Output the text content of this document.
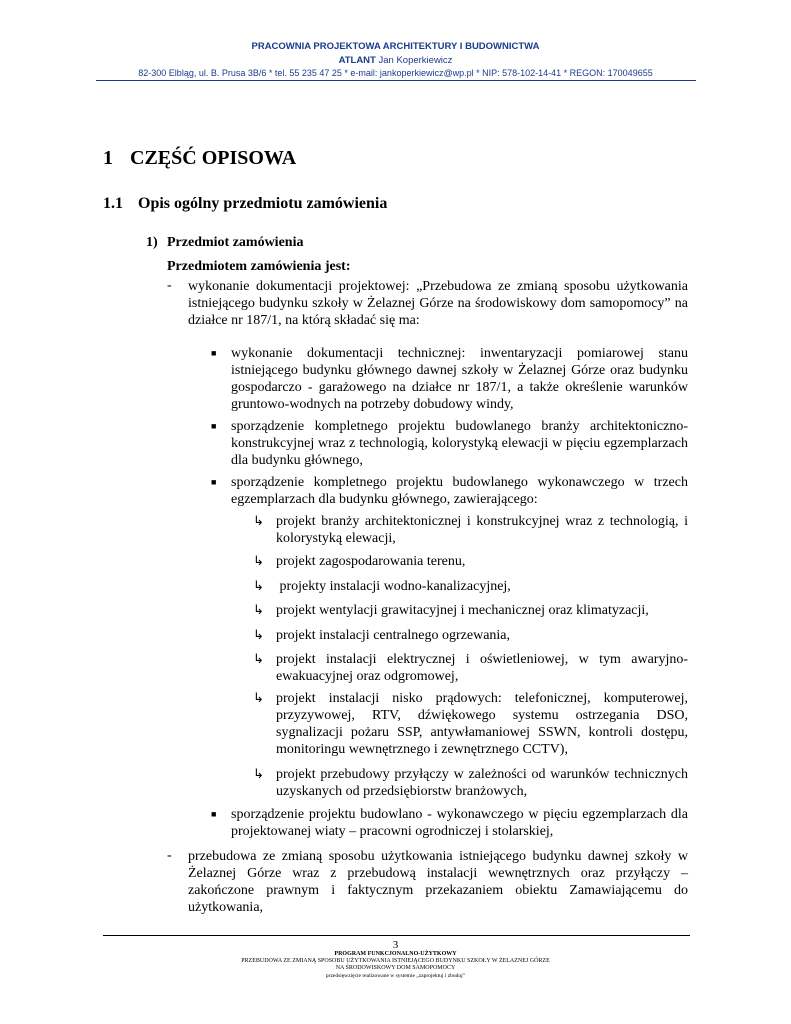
PRACOWNIA PROJEKTOWA ARCHITEKTURY I BUDOWNICTWA
ATLANT Jan Koperkiewicz
82-300 Elbląg, ul. B. Prusa 3B/6 * tel. 55 235 47 25 * e-mail: jankoperkiewicz@wp.pl * NIP: 578-102-14-41 * REGON: 170049655
1 CZĘŚĆ OPISOWA
1.1 Opis ogólny przedmiotu zamówienia
1) Przedmiot zamówienia
Przedmiotem zamówienia jest:
- wykonanie dokumentacji projektowej: „Przebudowa ze zmianą sposobu użytkowania istniejącego budynku szkoły w Żelaznej Górze na środowiskowy dom samopomocy” na działce nr 187/1, na którą składać się ma:
■ wykonanie dokumentacji technicznej: inwentaryzacji pomiarowej stanu istniejącego budynku głównego dawnej szkoły w Żelaznej Górze oraz budynku gospodarczo - garażowego na działce nr 187/1, a także określenie warunków gruntowo-wodnych na potrzeby dobudowy windy,
■ sporządzenie kompletnego projektu budowlanego branży architektoniczno-konstrukcyjnej wraz z technologią, kolorystyką elewacji w pięciu egzemplarzach dla budynku głównego,
■ sporządzenie kompletnego projektu budowlanego wykonawczego w trzech egzemplarzach dla budynku głównego, zawierającego:
↳ projekt branży architektonicznej i konstrukcyjnej wraz z technologią, i kolorystyką elewacji,
↳ projekt zagospodarowania terenu,
↳ projekty instalacji wodno-kanalizacyjnej,
↳ projekt wentylacji grawitacyjnej i mechanicznej oraz klimatyzacji,
↳ projekt instalacji centralnego ogrzewania,
↳ projekt instalacji elektrycznej i oświetleniowej, w tym awaryjno-ewakuacyjnej oraz odgromowej,
↳ projekt instalacji nisko prądowych: telefonicznej, komputerowej, przyzywowej, RTV, dźwiękowego systemu ostrzegania DSO, sygnalizacji pożaru SSP, antywłamaniowej SSWN, kontroli dostępu, monitoringu wewnętrznego i zewnętrznego CCTV),
↳ projekt przebudowy przyłączy w zależności od warunków technicznych uzyskanych od przedsiębiorstw branżowych,
■ sporządzenie projektu budowlano - wykonawczego w pięciu egzemplarzach dla projektowanej wiaty – pracowni ogrodniczej i stolarskiej,
- przebudowa ze zmianą sposobu użytkowania istniejącego budynku dawnej szkoły w Żelaznej Górze wraz z przebudową instalacji wewnętrznych oraz przyłączy – zakończone prawnym i faktycznym przekazaniem obiektu Zamawiającemu do użytkowania,
3
PROGRAM FUNKCJONALNO-UŻYTKOWY
PRZEBUDOWA ZE ZMIANĄ SPOSOBU UŻYTKOWANIA ISTNIEJĄCEGO BUDYNKU SZKOŁY W ŻELAZNEJ GÓRZE
NA ŚRODOWISKOWY DOM SAMOPOMOCY
przedsięwzięcie realizowane w systemie „zaprojektuj i zbuduj”
